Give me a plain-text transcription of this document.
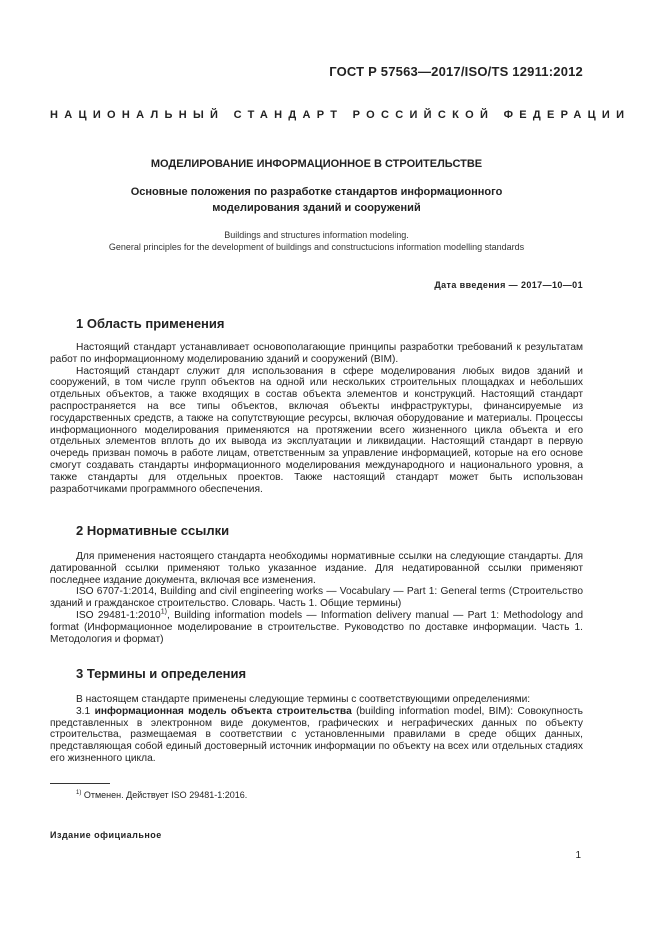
ГОСТ Р 57563—2017/ISO/TS 12911:2012
НАЦИОНАЛЬНЫЙ СТАНДАРТ РОССИЙСКОЙ ФЕДЕРАЦИИ
МОДЕЛИРОВАНИЕ ИНФОРМАЦИОННОЕ В СТРОИТЕЛЬСТВЕ
Основные положения по разработке стандартов информационного
моделирования зданий и сооружений
Buildings and structures information modeling.
General principles for the development of buildings and constructucions information modelling standards
Дата введения — 2017—10—01
1 Область применения

Настоящий стандарт устанавливает основополагающие принципы разработки требований к результатам работ по информационному моделированию зданий и сооружений (BIM).

Настоящий стандарт служит для использования в сфере моделирования любых видов зданий и сооружений, в том числе групп объектов на одной или нескольких строительных площадках и небольших отдельных объектов, а также входящих в состав объекта элементов и конструкций. Настоящий стандарт распространяется на все типы объектов, включая объекты инфраструктуры, финансируемые из государственных средств, а также на сопутствующие ресурсы, включая оборудование и материалы. Процессы информационного моделирования применяются на протяжении всего жизненного цикла объекта и его отдельных элементов вплоть до их вывода из эксплуатации и ликвидации. Настоящий стандарт в первую очередь призван помочь в работе лицам, ответственным за управление информацией, которые на его основе смогут создавать стандарты информационного моделирования международного и национального уровня, а также стандарты для отдельных проектов. Также настоящий стандарт может быть использован разработчиками программного обеспечения.

2 Нормативные ссылки

Для применения настоящего стандарта необходимы нормативные ссылки на следующие стандарты. Для датированной ссылки применяют только указанное издание. Для недатированной ссылки применяют последнее издание документа, включая все изменения.

ISO 6707-1:2014, Building and civil engineering works — Vocabulary — Part 1: General terms (Строительство зданий и гражданское строительство. Словарь. Часть 1. Общие термины)

ISO 29481-1:2010$^{1)}$, Building information models — Information delivery manual — Part 1: Methodology and format (Информационное моделирование в строительстве. Руководство по доставке информации. Часть 1. Методология и формат)

3 Термины и определения

В настоящем стандарте применены следующие термины с соответствующими определениями:

3.1 информационная модель объекта строительства (building information model, BIM): Совокупность представленных в электронном виде документов, графических и неграфических данных по объекту строительства, размещаемая в соответствии с установленными правилами в среде общих данных, представляющая собой единый достоверный источник информации по объекту на всех или отдельных стадиях его жизненного цикла.

$^{1)}$ Отменен. Действует ISO 29481-1:2016.
Издание официальное
1
